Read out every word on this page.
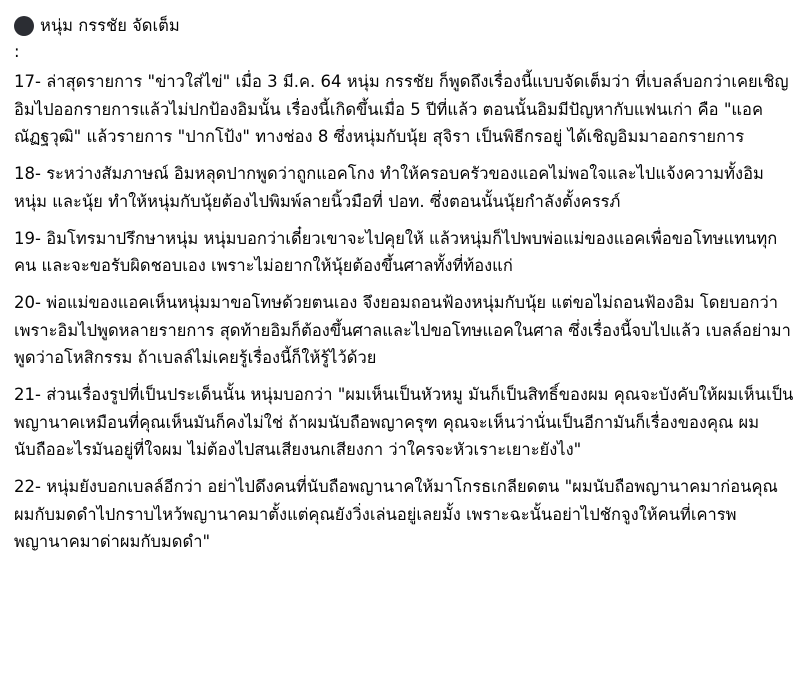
หนุ่ม กรรชัย จัดเต็ม
:

17- ล่าสุดรายการ "ข่าวใส่ไข่" เมื่อ 3 มี.ค. 64 หนุ่ม กรรชัย ก็พูดถึงเรื่องนี้แบบจัดเต็มว่า ที่เบลล์บอกว่าเคยเชิญอิมไปออกรายการแล้วไม่ปกป้องอิมนั้น เรื่องนี้เกิดขึ้นเมื่อ 5 ปีที่แล้ว ตอนนั้นอิมมีปัญหากับแฟนเก่า คือ "แอค ณัฏฐวุฒิ" แล้วรายการ "ปากโป้ง" ทางช่อง 8 ซึ่งหนุ่มกับนุ้ย สุจิรา เป็นพิธีกรอยู่ ได้เชิญอิมมาออกรายการ

18- ระหว่างสัมภาษณ์ อิมหลุดปากพูดว่าถูกแอคโกง ทำให้ครอบครัวของแอคไม่พอใจและไปแจ้งความทั้งอิม หนุ่ม และนุ้ย ทำให้หนุ่มกับนุ้ยต้องไปพิมพ์ลายนิ้วมือที่ ปอท. ซึ่งตอนนั้นนุ้ยกำลังตั้งครรภ์

19- อิมโทรมาปรึกษาหนุ่ม หนุ่มบอกว่าเดี๋ยวเขาจะไปคุยให้ แล้วหนุ่มก็ไปพบพ่อแม่ของแอคเพื่อขอโทษแทนทุกคน และจะขอรับผิดชอบเอง เพราะไม่อยากให้นุ้ยต้องขึ้นศาลทั้งที่ท้องแก่

20- พ่อแม่ของแอคเห็นหนุ่มมาขอโทษด้วยตนเอง จึงยอมถอนฟ้องหนุ่มกับนุ้ย แต่ขอไม่ถอนฟ้องอิม โดยบอกว่าเพราะอิมไปพูดหลายรายการ สุดท้ายอิมก็ต้องขึ้นศาลและไปขอโทษแอคในศาล ซึ่งเรื่องนี้จบไปแล้ว เบลล์อย่ามาพูดว่าอโหสิกรรม ถ้าเบลล์ไม่เคยรู้เรื่องนี้ก็ให้รู้ไว้ด้วย

21- ส่วนเรื่องรูปที่เป็นประเด็นนั้น หนุ่มบอกว่า "ผมเห็นเป็นหัวหมู มันก็เป็นสิทธิ์ของผม คุณจะบังคับให้ผมเห็นเป็นพญานาคเหมือนที่คุณเห็นมันก็คงไม่ใช่ ถ้าผมนับถือพญาครุฑ คุณจะเห็นว่านั่นเป็นอีกามันก็เรื่องของคุณ ผมนับถืออะไรมันอยู่ที่ใจผม ไม่ต้องไปสนเสียงนกเสียงกา ว่าใครจะหัวเราะเยาะยังไง"

22- หนุ่มยังบอกเบลล์อีกว่า อย่าไปดึงคนที่นับถือพญานาคให้มาโกรธเกลียดตน "ผมนับถือพญานาคมาก่อนคุณ ผมกับมดดำไปกราบไหว้พญานาคมาตั้งแต่คุณยังวิ่งเล่นอยู่เลยมั้ง เพราะฉะนั้นอย่าไปชักจูงให้คนที่เคารพพญานาคมาด่าผมกับมดดำ"
